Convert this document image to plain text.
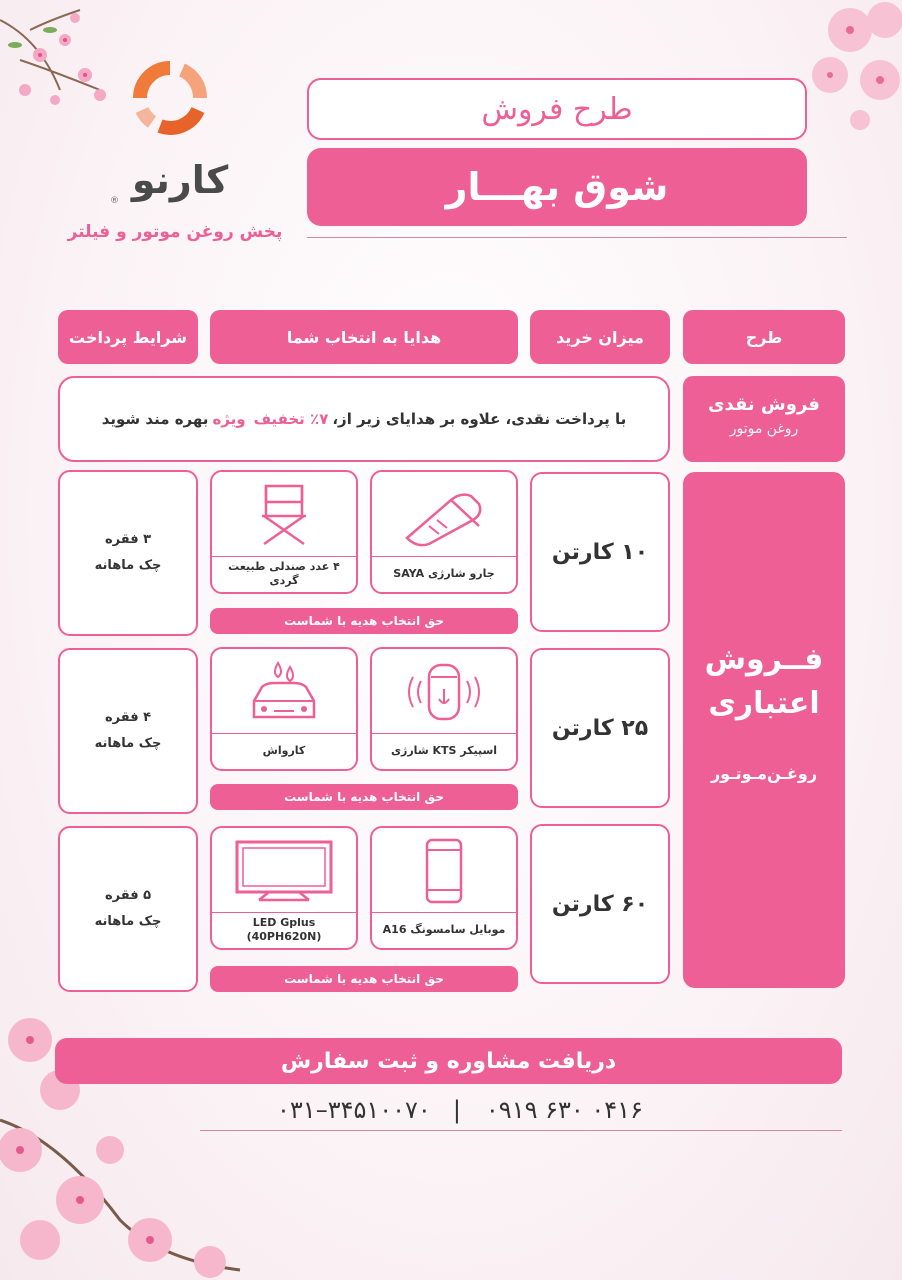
کارنو
®
پخش روغن موتور و فیلتر
طرح فروش
شوق بهـــار
طرح
میزان خرید
هدایا به انتخاب شما
شرایط پرداخت
فروش نقدی
روغن موتور
با پرداخت نقدی، علاوه بر هدایای زیر از،
٪۷ تخفیف
ویژه
بهره مند شوید
فــروش
اعتباری
روغـن‌مـوتـور
۱۰ کارتن
جارو شارژی SAYA
۴ عدد صندلی طبیعت گردی
حق انتخاب هدیه با شماست
۳ فقره
چک ماهانه
۲۵ کارتن
اسپیکر KTS شارژی
کارواش
حق انتخاب هدیه با شماست
۴ فقره
چک ماهانه
۶۰ کارتن
موبایل سامسونگ A16
LED Gplus (40PH620N)
حق انتخاب هدیه با شماست
۵ فقره
چک ماهانه
دریافت مشاوره و ثبت سفارش
۰۳۱–۳۴۵۱۰۰۷۰ | ۰۹۱۹ ۶۳۰ ۰۴۱۶
